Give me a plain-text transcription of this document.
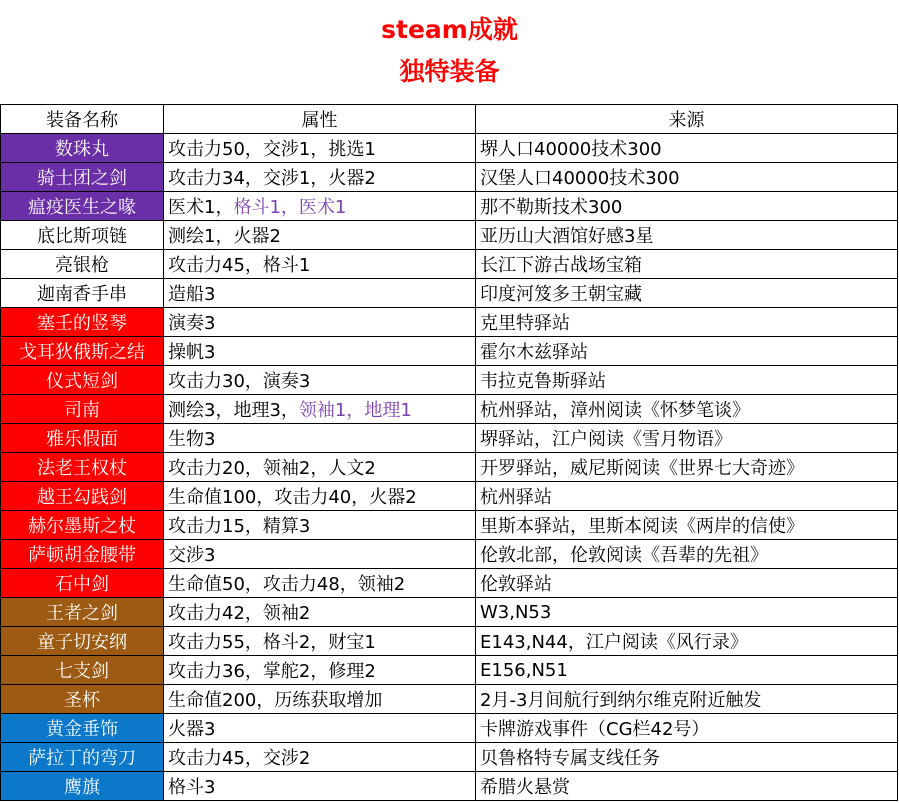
steam成就
独特装备
装备名称	属性	来源
数珠丸	攻击力50，交涉1，挑选1	堺人口40000技术300
骑士团之剑	攻击力34，交涉1，火器2	汉堡人口40000技术300
瘟疫医生之喙	医术1，格斗1，医术1	那不勒斯技术300
底比斯项链	测绘1，火器2	亚历山大酒馆好感3星
亮银枪	攻击力45，格斗1	长江下游古战场宝箱
迦南香手串	造船3	印度河笈多王朝宝藏
塞壬的竖琴	演奏3	克里特驿站
戈耳狄俄斯之结	操帆3	霍尔木兹驿站
仪式短剑	攻击力30，演奏3	韦拉克鲁斯驿站
司南	测绘3，地理3，领袖1，地理1	杭州驿站，漳州阅读《怀梦笔谈》
雅乐假面	生物3	堺驿站，江户阅读《雪月物语》
法老王权杖	攻击力20，领袖2，人文2	开罗驿站，威尼斯阅读《世界七大奇迹》
越王勾践剑	生命值100，攻击力40，火器2	杭州驿站
赫尔墨斯之杖	攻击力15，精算3	里斯本驿站，里斯本阅读《两岸的信使》
萨顿胡金腰带	交涉3	伦敦北部，伦敦阅读《吾辈的先祖》
石中剑	生命值50，攻击力48，领袖2	伦敦驿站
王者之剑	攻击力42，领袖2	W3,N53
童子切安纲	攻击力55，格斗2，财宝1	E143,N44，江户阅读《风行录》
七支剑	攻击力36，掌舵2，修理2	E156,N51
圣杯	生命值200，历练获取增加	2月-3月间航行到纳尔维克附近触发
黄金垂饰	火器3	卡牌游戏事件（CG栏42号）
萨拉丁的弯刀	攻击力45，交涉2	贝鲁格特专属支线任务
鹰旗	格斗3	希腊火悬赏
